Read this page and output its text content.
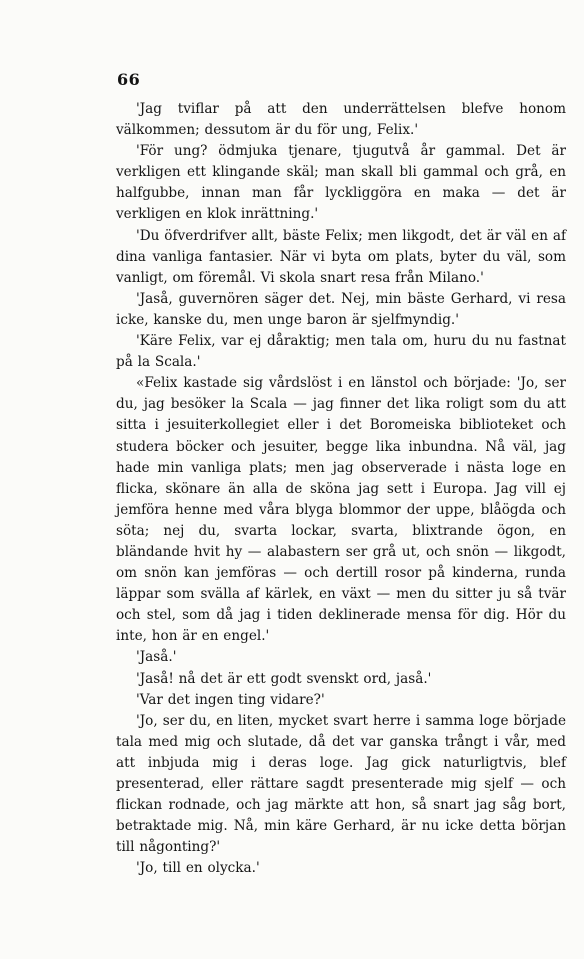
66

'Jag tviflar på att den underrättelsen blefve honom välkommen; dessutom är du för ung, Felix.'

'För ung? ödmjuka tjenare, tjugutvå år gammal. Det är verkligen ett klingande skäl; man skall bli gammal och grå, en halfgubbe, innan man får lyckliggöra en maka — det är verkligen en klok inrättning.'

'Du öfverdrifver allt, bäste Felix; men likgodt, det är väl en af dina vanliga fantasier. När vi byta om plats, byter du väl, som vanligt, om föremål. Vi skola snart resa från Milano.'

'Jaså, guvernören säger det. Nej, min bäste Gerhard, vi resa icke, kanske du, men unge baron är sjelfmyndig.'

'Käre Felix, var ej dåraktig; men tala om, huru du nu fastnat på la Scala.'

«Felix kastade sig vårdslöst i en länstol och började: 'Jo, ser du, jag besöker la Scala — jag finner det lika roligt som du att sitta i jesuiterkollegiet eller i det Boromeiska biblioteket och studera böcker och jesuiter, begge lika inbundna. Nå väl, jag hade min vanliga plats; men jag observerade i nästa loge en flicka, skönare än alla de sköna jag sett i Europa. Jag vill ej jemföra henne med våra blyga blommor der uppe, blåögda och söta; nej du, svarta lockar, svarta, blixtrande ögon, en bländande hvit hy — alabastern ser grå ut, och snön — likgodt, om snön kan jemföras — och dertill rosor på kinderna, runda läppar som svälla af kärlek, en växt — men du sitter ju så tvär och stel, som då jag i tiden deklinerade mensa för dig. Hör du inte, hon är en engel.'

'Jaså.'

'Jaså! nå det är ett godt svenskt ord, jaså.'

'Var det ingen ting vidare?'

'Jo, ser du, en liten, mycket svart herre i samma loge började tala med mig och slutade, då det var ganska trångt i vår, med att inbjuda mig i deras loge. Jag gick naturligtvis, blef presenterad, eller rättare sagdt presenterade mig sjelf — och flickan rodnade, och jag märkte att hon, så snart jag såg bort, betraktade mig. Nå, min käre Gerhard, är nu icke detta början till någonting?'

'Jo, till en olycka.'
